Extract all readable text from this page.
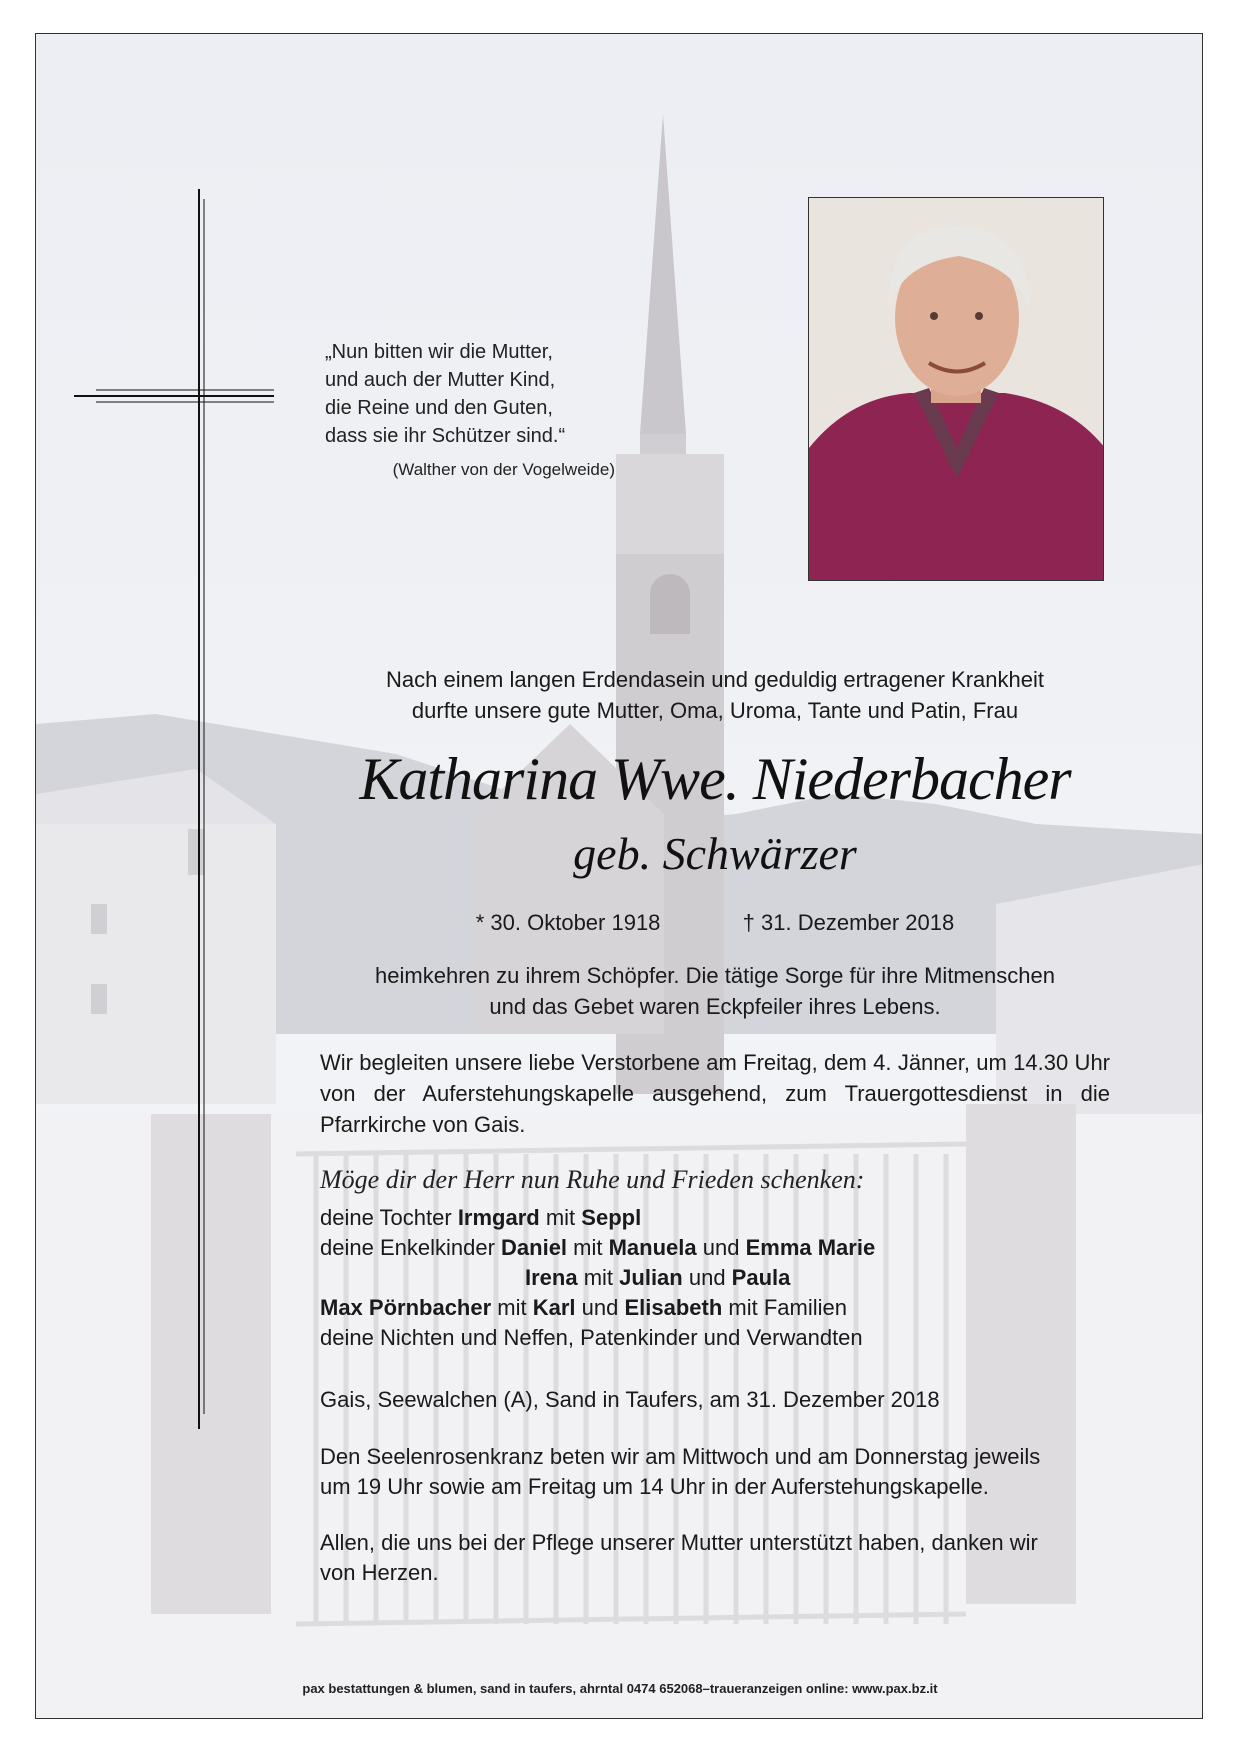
„Nun bitten wir die Mutter,
und auch der Mutter Kind,
die Reine und den Guten,
dass sie ihr Schützer sind.“
(Walther von der Vogelweide)
Nach einem langen Erdendasein und geduldig ertragener Krankheit
durfte unsere gute Mutter, Oma, Uroma, Tante und Patin, Frau
Katharina Wwe. Niederbacher
geb. Schwärzer
* 30. Oktober 1918	† 31. Dezember 2018
heimkehren zu ihrem Schöpfer. Die tätige Sorge für ihre Mitmenschen
und das Gebet waren Eckpfeiler ihres Lebens.
Wir begleiten unsere liebe Verstorbene am Freitag, dem 4. Jänner, um 14.30 Uhr von der Auferstehungskapelle ausgehend, zum Trauergottesdienst in die Pfarrkirche von Gais.
Möge dir der Herr nun Ruhe und Frieden schenken:
deine Tochter Irmgard mit Seppl
deine Enkelkinder Daniel mit Manuela und Emma Marie
Irena mit Julian und Paula
Max Pörnbacher mit Karl und Elisabeth mit Familien
deine Nichten und Neffen, Patenkinder und Verwandten
Gais, Seewalchen (A), Sand in Taufers, am 31. Dezember 2018
Den Seelenrosenkranz beten wir am Mittwoch und am Donnerstag jeweils
um 19 Uhr sowie am Freitag um 14 Uhr in der Auferstehungskapelle.
Allen, die uns bei der Pflege unserer Mutter unterstützt haben, danken wir
von Herzen.
pax bestattungen & blumen, sand in taufers, ahrntal 0474 652068–traueranzeigen online: www.pax.bz.it
